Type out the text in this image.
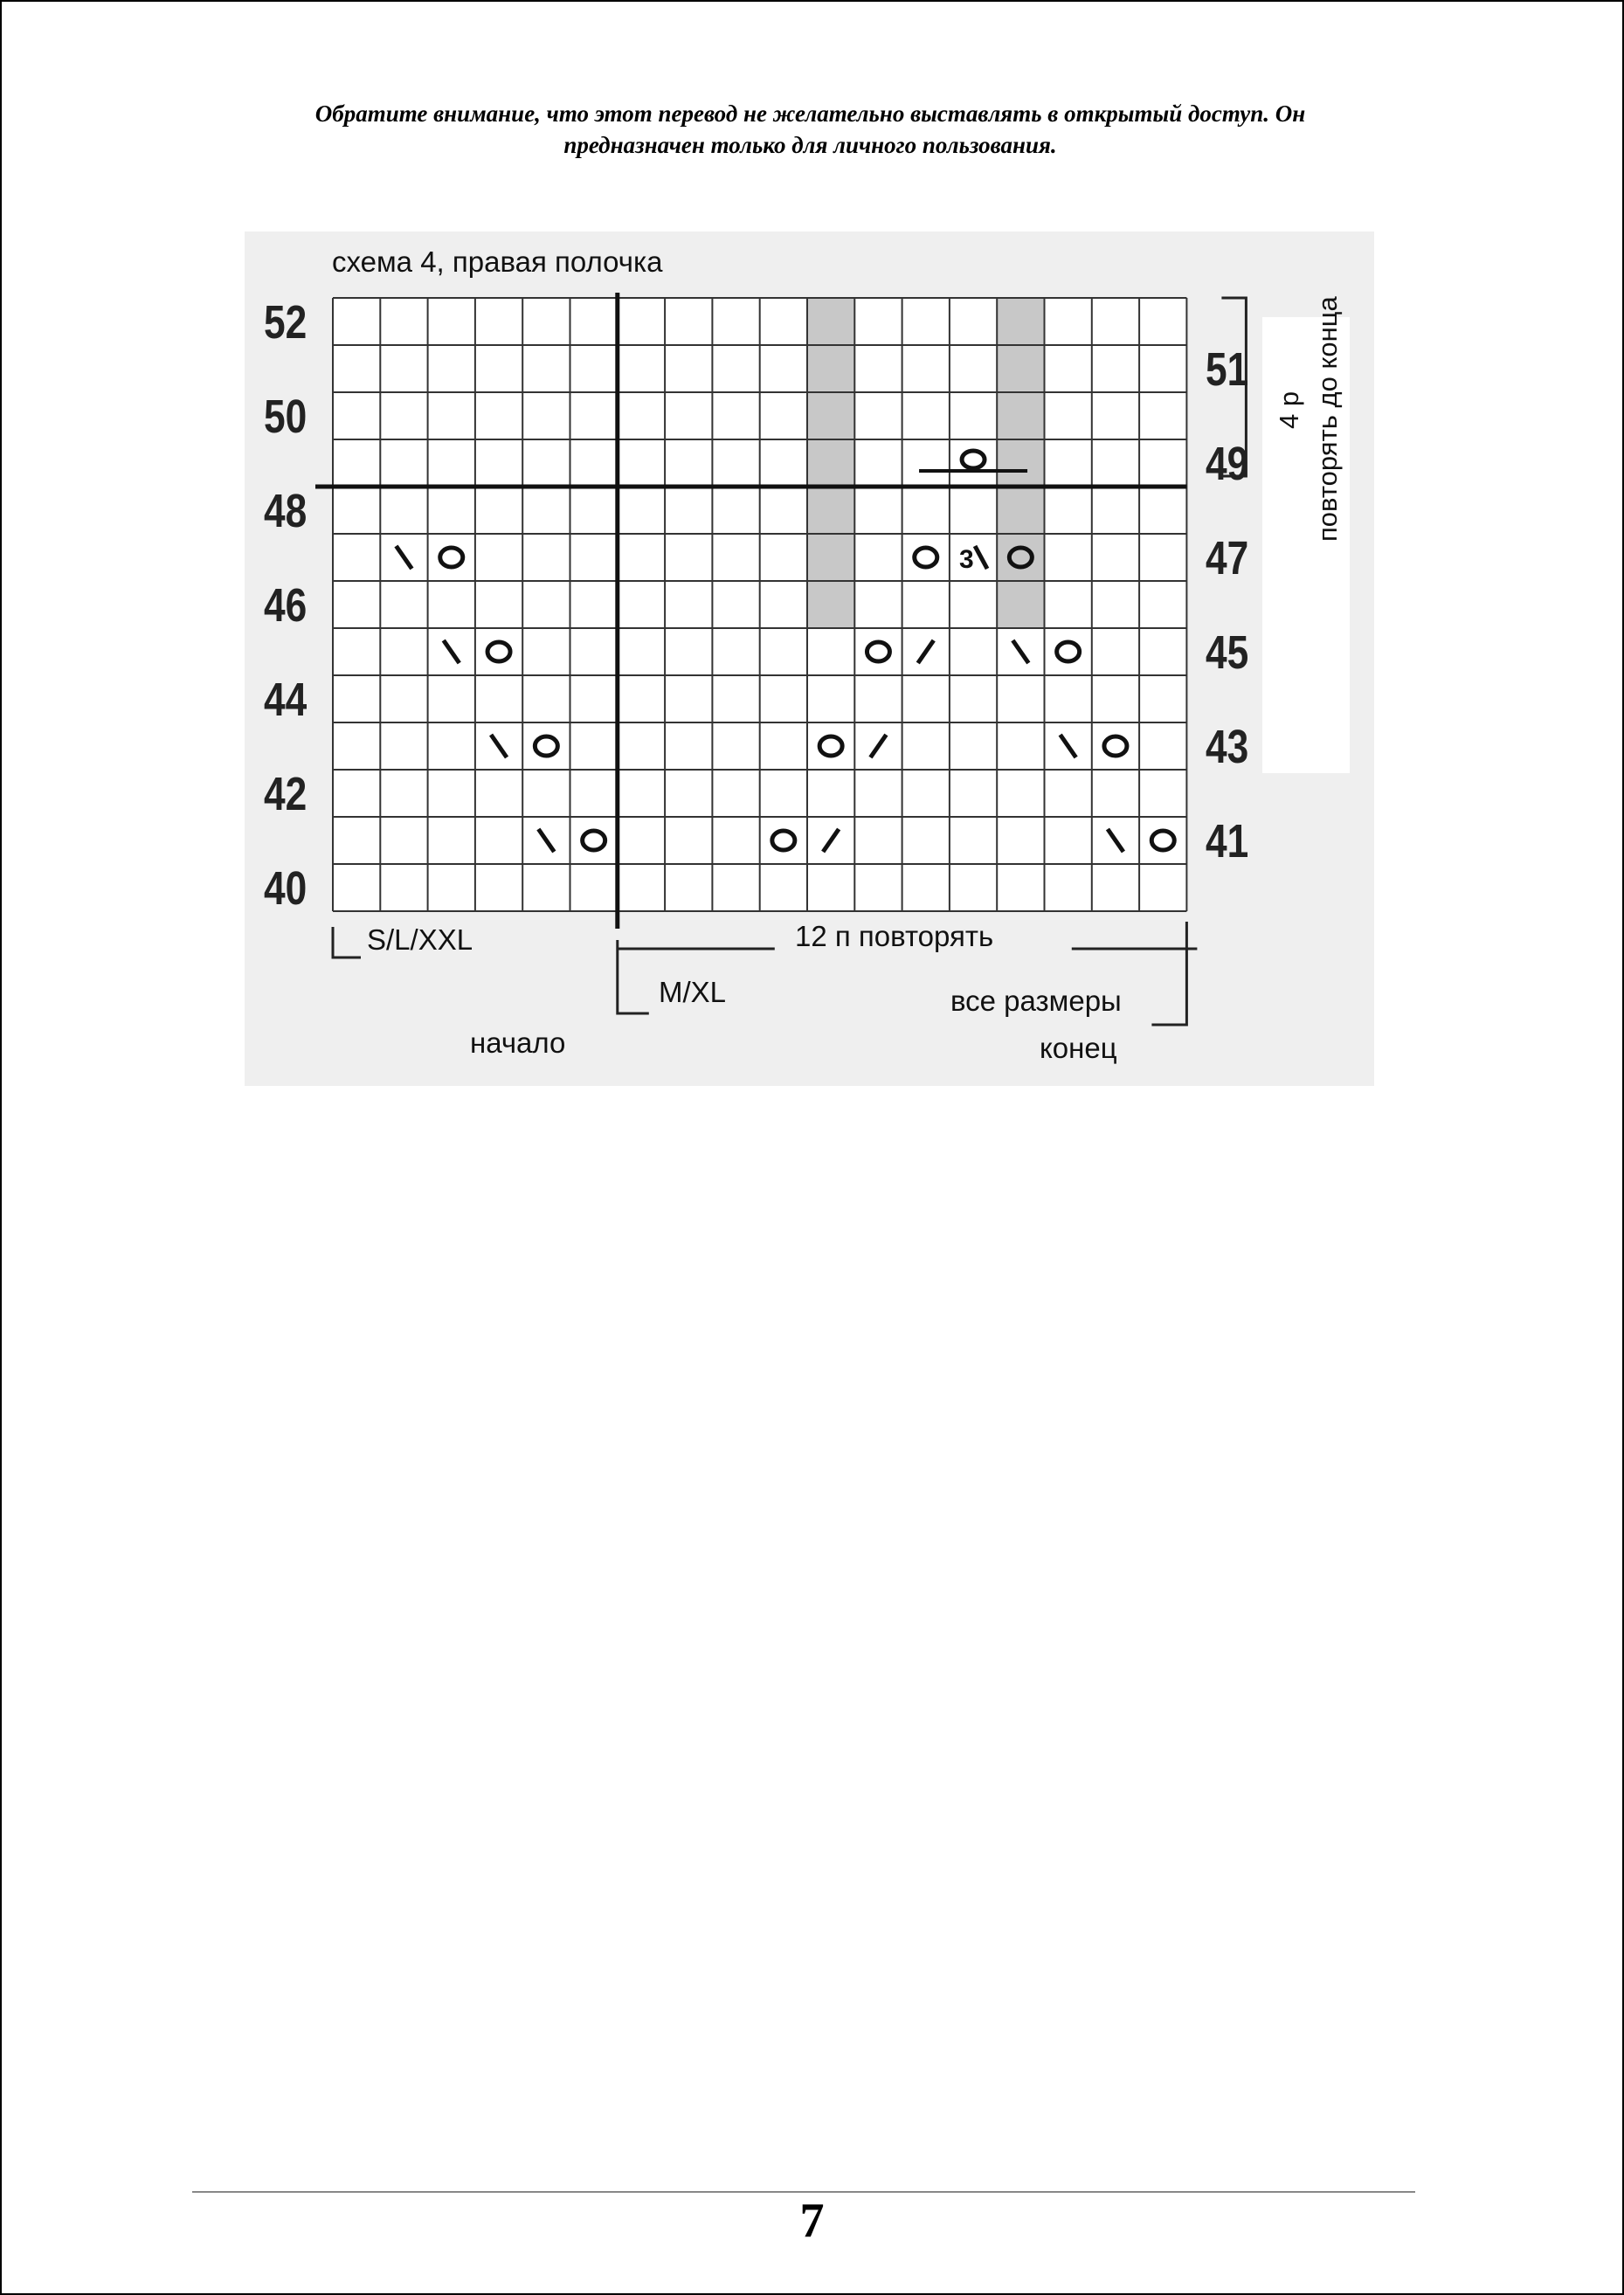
Обратите внимание, что этот перевод не желательно выставлять в открытый доступ. Он
предназначен только для личного пользования.
3
схема 4, правая полочка
52
50
48
46
44
42
40
51
49
47
45
43
41
4 р повторять до конца
S/L/XXL	12 п повторять
M/XL	все размеры
начало	конец
7
